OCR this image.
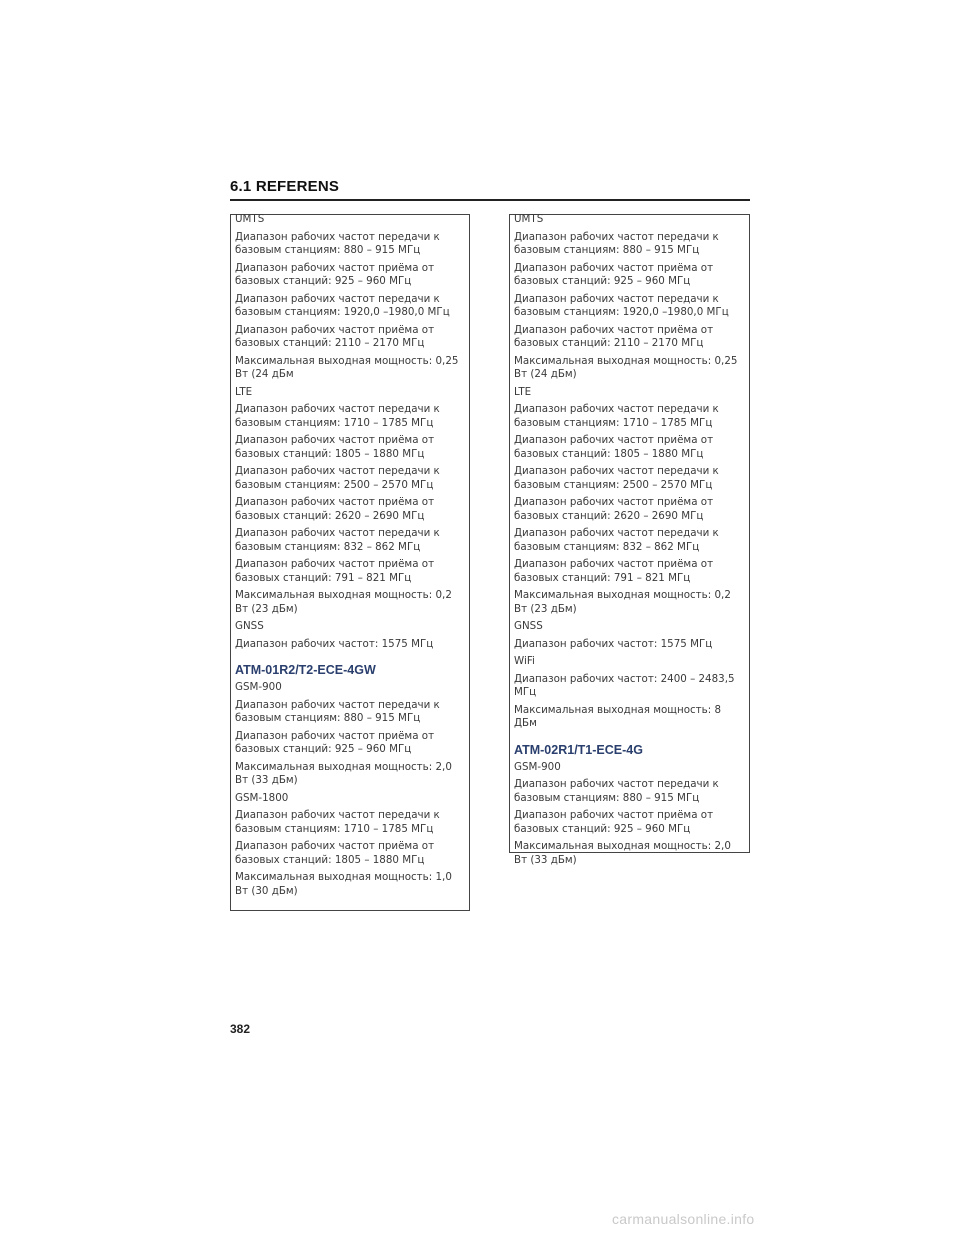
6.1 REFERENS
UMTS
Диапазон рабочих частот передачи к базовым станциям: 880 – 915 МГц
Диапазон рабочих частот приёма от базовых станций: 925 – 960 МГц
Диапазон рабочих частот передачи к базовым станциям: 1920,0 –1980,0 МГц
Диапазон рабочих частот приёма от базовых станций: 2110 – 2170 МГц
Максимальная выходная мощность: 0,25 Вт (24 дБм
LTE
Диапазон рабочих частот передачи к базовым станциям: 1710 – 1785 МГц
Диапазон рабочих частот приёма от базовых станций: 1805 – 1880 МГц
Диапазон рабочих частот передачи к базовым станциям: 2500 – 2570 МГц
Диапазон рабочих частот приёма от базовых станций: 2620 – 2690 МГц
Диапазон рабочих частот передачи к базовым станциям: 832 – 862 МГц
Диапазон рабочих частот приёма от базовых станций: 791 – 821 МГц
Максимальная выходная мощность: 0,2 Вт (23 дБм)
GNSS
Диапазон рабочих частот: 1575 МГц
ATM-01R2/T2-ECE-4GW
GSM-900
Диапазон рабочих частот передачи к базовым станциям: 880 – 915 МГц
Диапазон рабочих частот приёма от базовых станций: 925 – 960 МГц
Максимальная выходная мощность: 2,0 Вт (33 дБм)
GSM-1800
Диапазон рабочих частот передачи к базовым станциям: 1710 – 1785 МГц
Диапазон рабочих частот приёма от базовых станций: 1805 – 1880 МГц
Максимальная выходная мощность: 1,0 Вт (30 дБм)
UMTS
Диапазон рабочих частот передачи к базовым станциям: 880 – 915 МГц
Диапазон рабочих частот приёма от базовых станций: 925 – 960 МГц
Диапазон рабочих частот передачи к базовым станциям: 1920,0 –1980,0 МГц
Диапазон рабочих частот приёма от базовых станций: 2110 – 2170 МГц
Максимальная выходная мощность: 0,25 Вт (24 дБм)
LTE
Диапазон рабочих частот передачи к базовым станциям: 1710 – 1785 МГц
Диапазон рабочих частот приёма от базовых станций: 1805 – 1880 МГц
Диапазон рабочих частот передачи к базовым станциям: 2500 – 2570 МГц
Диапазон рабочих частот приёма от базовых станций: 2620 – 2690 МГц
Диапазон рабочих частот передачи к базовым станциям: 832 – 862 МГц
Диапазон рабочих частот приёма от базовых станций: 791 – 821 МГц
Максимальная выходная мощность: 0,2 Вт (23 дБм)
GNSS
Диапазон рабочих частот: 1575 МГц
WiFi
Диапазон рабочих частот: 2400 – 2483,5 МГц
Максимальная выходная мощность: 8 ДБм
ATM-02R1/T1-ECE-4G
GSM-900
Диапазон рабочих частот передачи к базовым станциям: 880 – 915 МГц
Диапазон рабочих частот приёма от базовых станций: 925 – 960 МГц
Максимальная выходная мощность: 2,0 Вт (33 дБм)
382
carmanualsonline.info
